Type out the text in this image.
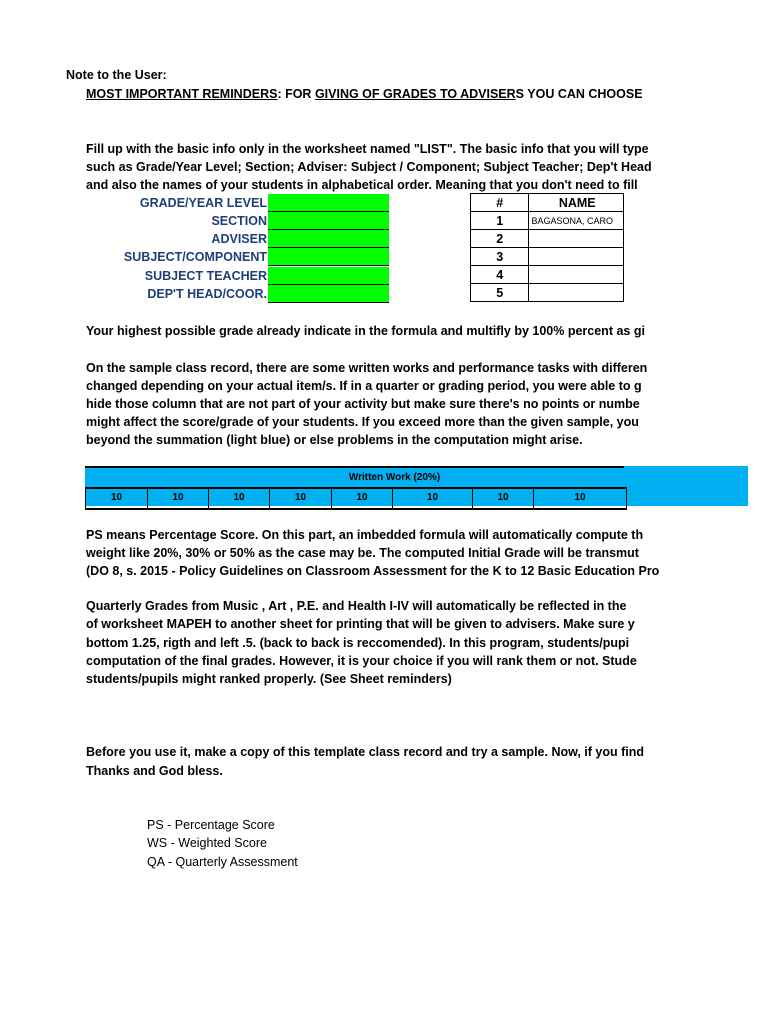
Note to the User:
MOST IMPORTANT REMINDERS: FOR GIVING OF GRADES TO ADVISERS YOU CAN CHOOSE
Fill up with the basic info only in the worksheet named "LIST". The basic info that you will type
such as Grade/Year Level; Section; Adviser: Subject / Component; Subject Teacher; Dep't Head
and also the names of your students in alphabetical order. Meaning that you don't need to fill
GRADE/YEAR LEVEL
SECTION
ADVISER
SUBJECT/COMPONENT
SUBJECT TEACHER
DEP'T HEAD/COOR.
#	NAME
1	BAGASONA, CARO
2	
3	
4	
5	
Your highest possible grade already indicate in the formula and multifly by 100% percent as gi
On the sample class record, there are some written works and performance tasks with differen
changed depending on your actual item/s. If in a quarter or grading period, you were able to g
hide those column that are not part of your activity but make sure there's no points or numbe
might affect the score/grade of your students. If you exceed more than the given sample, you
beyond the summation (light blue) or else problems in the computation might arise.
Written Work (20%)
10	10	10	10	10	10	10	10
PS means Percentage Score. On this part, an imbedded formula will automatically compute th
weight like 20%, 30% or 50% as the case may be. The computed Initial Grade will be transmut
(DO 8, s. 2015 - Policy Guidelines on Classroom Assessment for the K to 12 Basic Education Pro
Quarterly Grades from Music , Art , P.E. and Health I-IV will automatically be reflected in the
of worksheet MAPEH to another sheet for printing that will be given to advisers. Make sure y
bottom 1.25, rigth and left .5. (back to back is reccomended). In this program, students/pupi
computation of the final grades. However, it is your choice if you will rank them or not. Stude
students/pupils might ranked properly. (See Sheet reminders)
Before you use it, make a copy of this template class record and try a sample. Now, if you find
Thanks and God bless.
PS - Percentage Score
WS - Weighted Score
QA - Quarterly Assessment
